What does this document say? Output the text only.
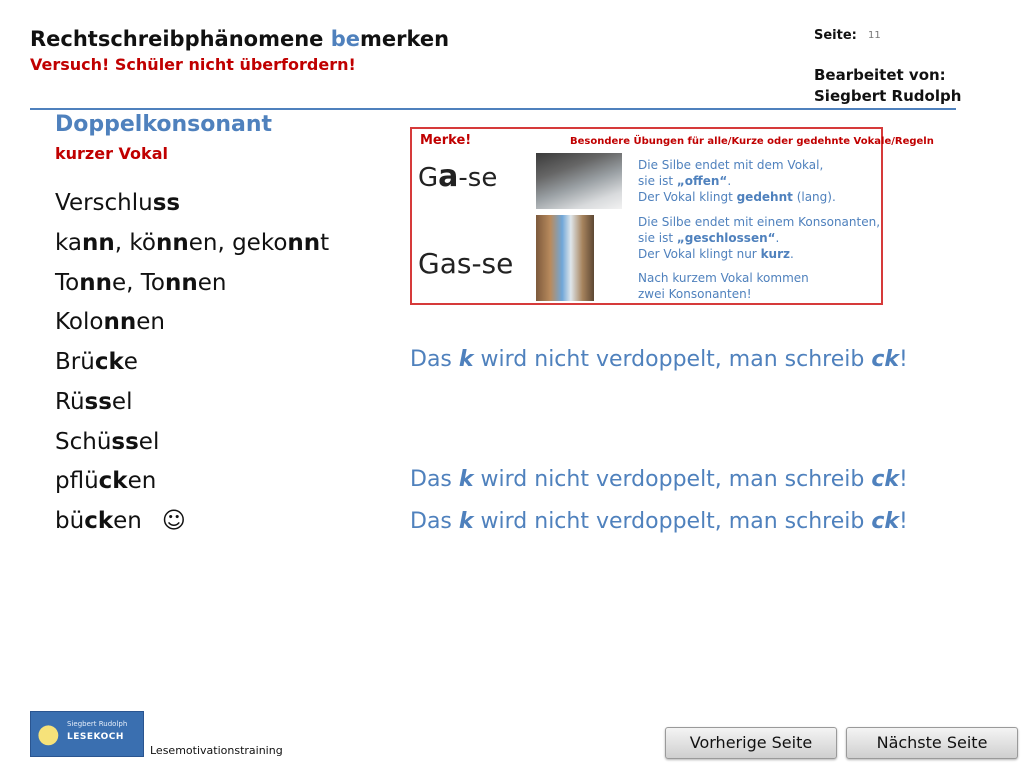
Rechtschreibphänomene bemerken
Versuch! Schüler nicht überfordern!
Seite: 11
Bearbeitet von:
Siegbert Rudolph
Doppelkonsonant
kurzer Vokal
Verschluss
kann, können, gekonnt
Tonne, Tonnen
Kolonnen
Brücke
Rüssel
Schüssel
pflücken
bücken ☺
Das k wird nicht verdoppelt, man schreib ck!
Das k wird nicht verdoppelt, man schreib ck!
Das k wird nicht verdoppelt, man schreib ck!
Merke!	Besondere Übungen für alle/Kurze oder gedehnte Vokale/Regeln
Ga-se
Gas-se
Die Silbe endet mit dem Vokal,
sie ist „offen“.
Der Vokal klingt gedehnt (lang).
Die Silbe endet mit einem Konsonanten,
sie ist „geschlossen“.
Der Vokal klingt nur kurz.
Nach kurzem Vokal kommen
zwei Konsonanten!
● Siegbert Rudolph
LESEKOCH
Lesemotivationstraining	Vorherige Seite	Nächste Seite
